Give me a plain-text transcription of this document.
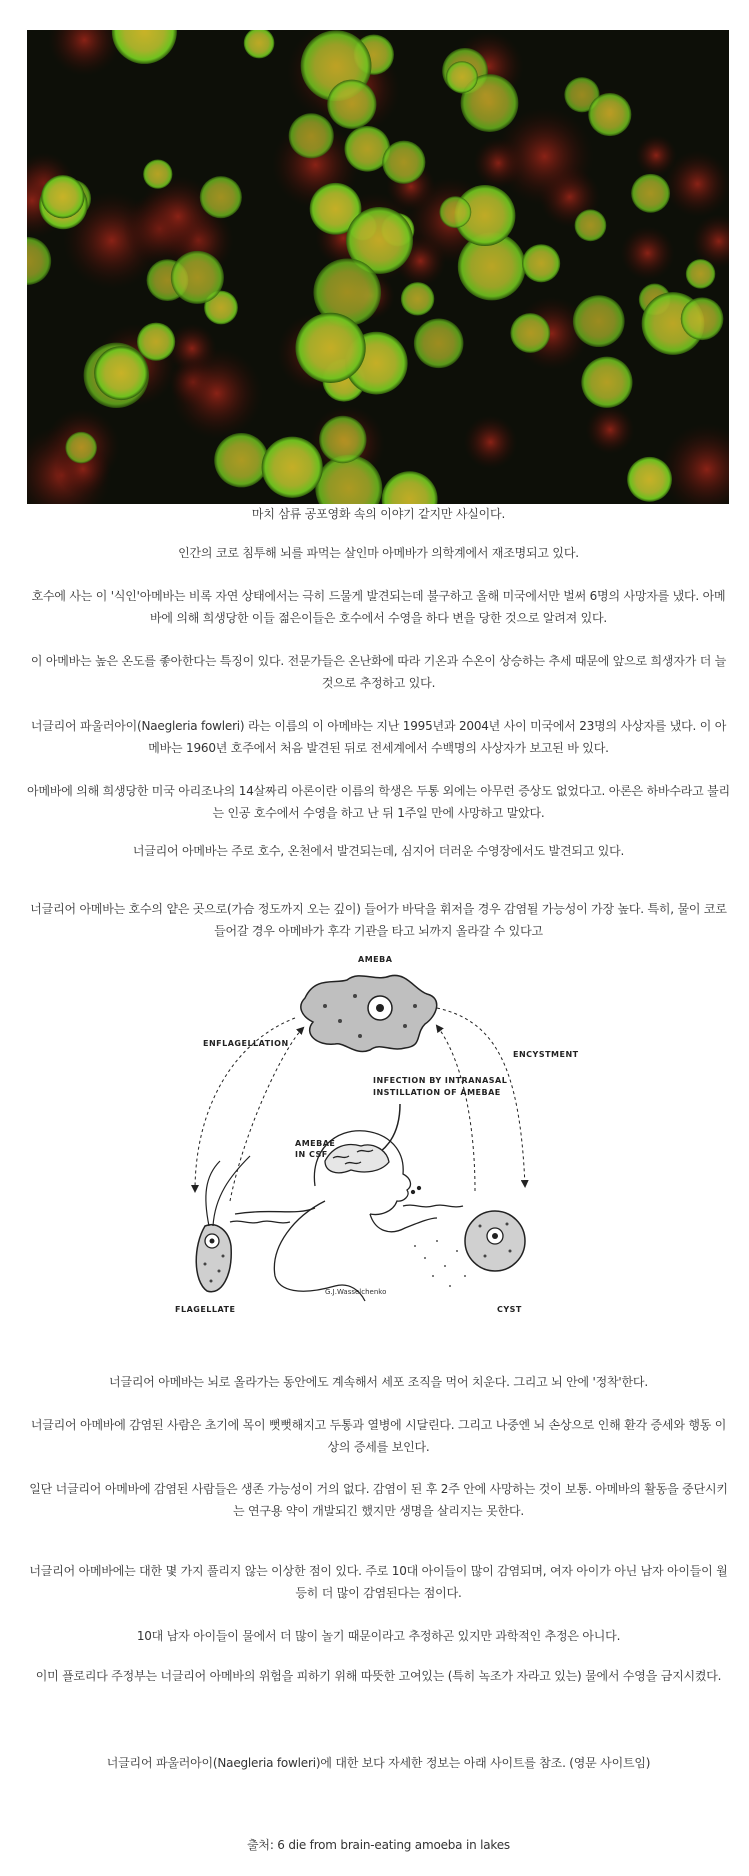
마치 삼류 공포영화 속의 이야기 같지만 사실이다.

인간의 코로 침투해 뇌를 파먹는 살인마 아메바가 의학계에서 재조명되고 있다.

호수에 사는 이 '식인'아메바는 비록 자연 상태에서는 극히 드물게 발견되는데 불구하고 올해 미국에서만 벌써 6명의 사망자를 냈다. 아메바에 의해 희생당한 이들 젊은이들은 호수에서 수영을 하다 변을 당한 것으로 알려져 있다.

이 아메바는 높은 온도를 좋아한다는 특징이 있다. 전문가들은 온난화에 따라 기온과 수온이 상승하는 추세 때문에 앞으로 희생자가 더 늘 것으로 추정하고 있다.

너글리어 파울러아이(Naegleria fowleri) 라는 이름의 이 아메바는 지난 1995년과 2004년 사이 미국에서 23명의 사상자를 냈다. 이 아메바는 1960년 호주에서 처음 발견된 뒤로 전세계에서 수백명의 사상자가 보고된 바 있다.

아메바에 의해 희생당한 미국 아리조나의 14살짜리 아론이란 이름의 학생은 두통 외에는 아무런 증상도 없었다고. 아론은 하바수라고 불리는 인공 호수에서 수영을 하고 난 뒤 1주일 만에 사망하고 말았다.

너글리어 아메바는 주로 호수, 온천에서 발견되는데, 심지어 더러운 수영장에서도 발견되고 있다.

너글리어 아메바는 호수의 얕은 곳으로(가슴 정도까지 오는 깊이) 들어가 바닥을 휘저을 경우 감염될 가능성이 가장 높다. 특히, 물이 코로 들어갈 경우 아메바가 후각 기관을 타고 뇌까지 올라갈 수 있다고

AMEBA
ENFLAGELLATION
ENCYSTMENT
INFECTION BY INTRANASAL
INSTILLATION OF AMEBAE
AMEBAE
IN CSF
FLAGELLATE	CYST
G.J.Wasselchenko

너글리어 아메바는 뇌로 올라가는 동안에도 계속해서 세포 조직을 먹어 치운다. 그리고 뇌 안에 '정착'한다.

너글리어 아메바에 감염된 사람은 초기에 목이 뻣뻣해지고 두통과 열병에 시달린다. 그리고 나중엔 뇌 손상으로 인해 환각 증세와 행동 이상의 증세를 보인다.

일단 너글리어 아메바에 감염된 사람들은 생존 가능성이 거의 없다. 감염이 된 후 2주 안에 사망하는 것이 보통. 아메바의 활동을 중단시키는 연구용 약이 개발되긴 했지만 생명을 살리지는 못한다.

너글리어 아메바에는 대한 몇 가지 풀리지 않는 이상한 점이 있다. 주로 10대 아이들이 많이 감염되며, 여자 아이가 아닌 남자 아이들이 월등히 더 많이 감염된다는 점이다.

10대 남자 아이들이 물에서 더 많이 놀기 때문이라고 추정하곤 있지만 과학적인 추정은 아니다.

이미 플로리다 주정부는 너글리어 아메바의 위험을 피하기 위해 따뜻한 고여있는 (특히 녹조가 자라고 있는) 물에서 수영을 금지시켰다.

너글리어 파울러아이(Naegleria fowleri)에 대한 보다 자세한 정보는 아래 사이트를 참조. (영문 사이트임)

출처: 6 die from brain-eating amoeba in lakes
